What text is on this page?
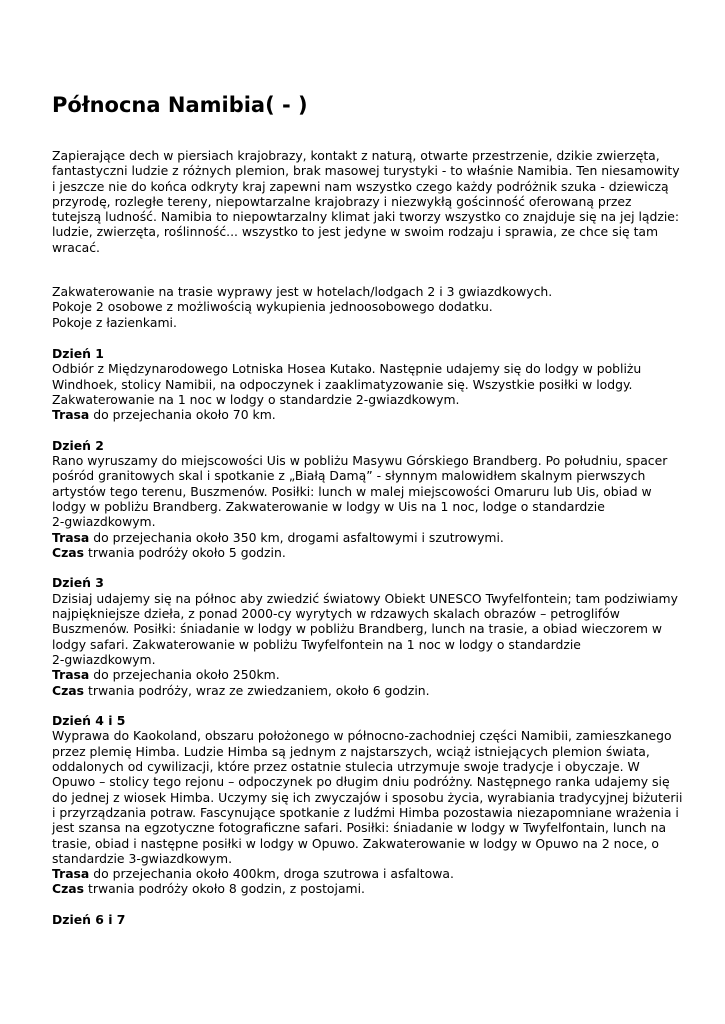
Północna Namibia( - )
Zapierające dech w piersiach krajobrazy, kontakt z naturą, otwarte przestrzenie, dzikie zwierzęta,
fantastyczni ludzie z różnych plemion, brak masowej turystyki - to właśnie Namibia. Ten niesamowity
i jeszcze nie do końca odkryty kraj zapewni nam wszystko czego każdy podróżnik szuka - dziewiczą
przyrodę, rozległe tereny, niepowtarzalne krajobrazy i niezwykłą gościnność oferowaną przez
tutejszą ludność. Namibia to niepowtarzalny klimat jaki tworzy wszystko co znajduje się na jej lądzie:
ludzie, zwierzęta, roślinność... wszystko to jest jedyne w swoim rodzaju i sprawia, ze chce się tam
wracać.
Zakwaterowanie na trasie wyprawy jest w hotelach/lodgach 2 i 3 gwiazdkowych.
Pokoje 2 osobowe z możliwością wykupienia jednoosobowego dodatku.
Pokoje z łazienkami.
Dzień 1
Odbiór z Międzynarodowego Lotniska Hosea Kutako. Następnie udajemy się do lodgy w pobliżu
Windhoek, stolicy Namibii, na odpoczynek i zaaklimatyzowanie się. Wszystkie posiłki w lodgy.
Zakwaterowanie na 1 noc w lodgy o standardzie 2-gwiazdkowym.
Trasa do przejechania około 70 km.
Dzień 2
Rano wyruszamy do miejscowości Uis w pobliżu Masywu Górskiego Brandberg. Po południu, spacer
pośród granitowych skal i spotkanie z „Białą Damą” - słynnym malowidłem skalnym pierwszych
artystów tego terenu, Buszmenów. Posiłki: lunch w malej miejscowości Omaruru lub Uis, obiad w
lodgy w pobliżu Brandberg. Zakwaterowanie w lodgy w Uis na 1 noc, lodge o standardzie
2-gwiazdkowym.
Trasa do przejechania około 350 km, drogami asfaltowymi i szutrowymi.
Czas trwania podróży około 5 godzin.
Dzień 3
Dzisiaj udajemy się na północ aby zwiedzić światowy Obiekt UNESCO Twyfelfontein; tam podziwiamy
najpiękniejsze dzieła, z ponad 2000-cy wyrytych w rdzawych skalach obrazów – petroglifów
Buszmenów. Posiłki: śniadanie w lodgy w pobliżu Brandberg, lunch na trasie, a obiad wieczorem w
lodgy safari. Zakwaterowanie w pobliżu Twyfelfontein na 1 noc w lodgy o standardzie
2-gwiazdkowym.
Trasa do przejechania około 250km.
Czas trwania podróży, wraz ze zwiedzaniem, około 6 godzin.
Dzień 4 i 5
Wyprawa do Kaokoland, obszaru położonego w północno-zachodniej części Namibii, zamieszkanego
przez plemię Himba. Ludzie Himba są jednym z najstarszych, wciąż istniejących plemion świata,
oddalonych od cywilizacji, które przez ostatnie stulecia utrzymuje swoje tradycje i obyczaje. W
Opuwo – stolicy tego rejonu – odpoczynek po długim dniu podróżny. Następnego ranka udajemy się
do jednej z wiosek Himba. Uczymy się ich zwyczajów i sposobu życia, wyrabiania tradycyjnej biżuterii
i przyrządzania potraw. Fascynujące spotkanie z ludźmi Himba pozostawia niezapomniane wrażenia i
jest szansa na egzotyczne fotograficzne safari. Posiłki: śniadanie w lodgy w Twyfelfontain, lunch na
trasie, obiad i następne posiłki w lodgy w Opuwo. Zakwaterowanie w lodgy w Opuwo na 2 noce, o
standardzie 3-gwiazdkowym.
Trasa do przejechania około 400km, droga szutrowa i asfaltowa.
Czas trwania podróży około 8 godzin, z postojami.
Dzień 6 i 7
